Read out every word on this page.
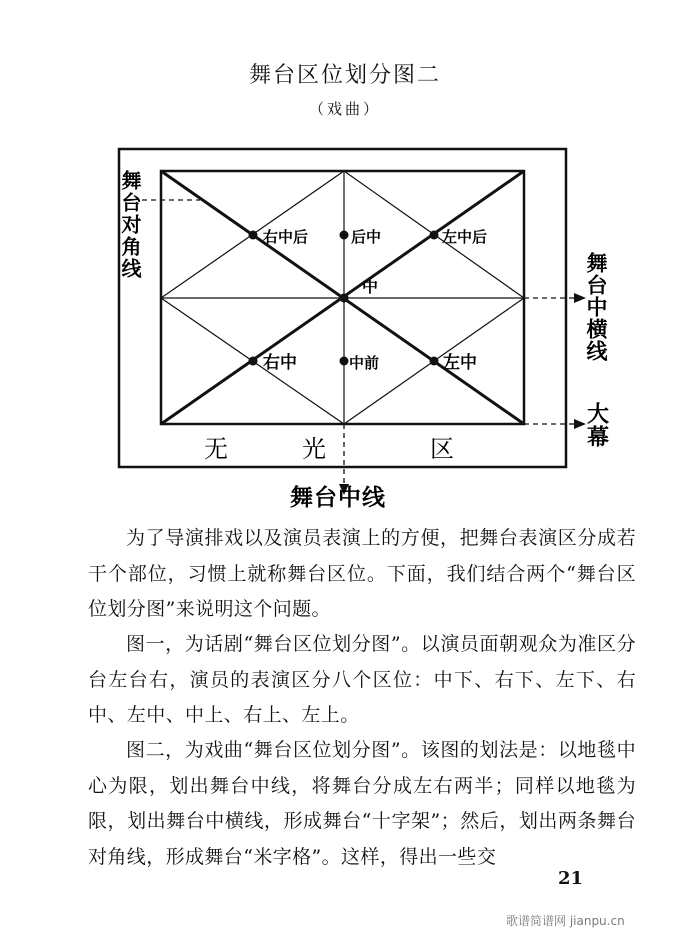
舞台区位划分图二
（戏曲）
右中后	后中	左中后
中
右中	中前	左中
舞台对角线
舞台中横线
大幕
无	光	区
舞台中线

为了导演排戏以及演员表演上的方便，把舞台表演区分成若干个部位，习惯上就称舞台区位。下面，我们结合两个“舞台区位划分图”来说明这个问题。

图一，为话剧“舞台区位划分图”。以演员面朝观众为准区分台左台右，演员的表演区分八个区位：中下、右下、左下、右中、左中、中上、右上、左上。

图二，为戏曲“舞台区位划分图”。该图的划法是：以地毯中心为限，划出舞台中线，将舞台分成左右两半；同样以地毯为限，划出舞台中横线，形成舞台“十字架”；然后，划出两条舞台对角线，形成舞台“米字格”。这样，得出一些交

21
歌谱简谱网 jianpu.cn
